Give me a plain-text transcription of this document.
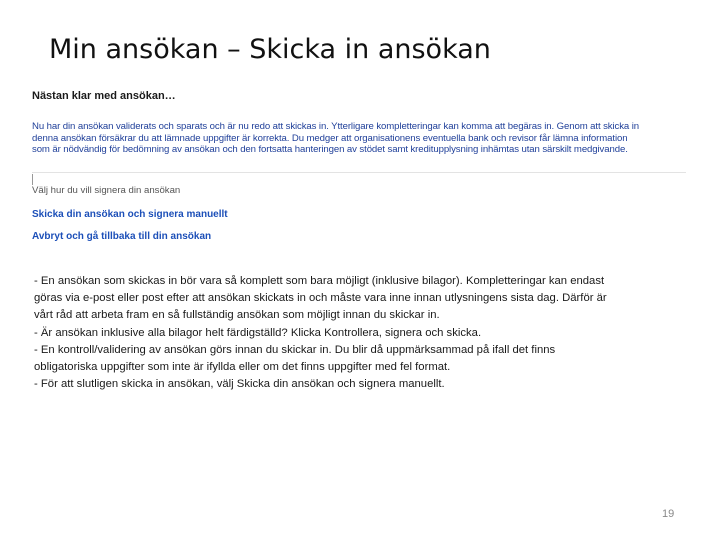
Min ansökan – Skicka in ansökan
Nästan klar med ansökan…

Nu har din ansökan validerats och sparats och är nu redo att skickas in. Ytterligare kompletteringar kan komma att begäras in. Genom att skicka in
denna ansökan försäkrar du att lämnade uppgifter är korrekta. Du medger att organisationens eventuella bank och revisor får lämna information
som är nödvändig för bedömning av ansökan och den fortsatta hanteringen av stödet samt kreditupplysning inhämtas utan särskilt medgivande.

Välj hur du vill signera din ansökan
Skicka din ansökan och signera manuellt
Avbryt och gå tillbaka till din ansökan
- En ansökan som skickas in bör vara så komplett som bara möjligt (inklusive bilagor). Kompletteringar kan endast
göras via e-post eller post efter att ansökan skickats in och måste vara inne innan utlysningens sista dag. Därför är
vårt råd att arbeta fram en så fullständig ansökan som möjligt innan du skickar in.
- Är ansökan inklusive alla bilagor helt färdigställd? Klicka Kontrollera, signera och skicka.
- En kontroll/validering av ansökan görs innan du skickar in. Du blir då uppmärksammad på ifall det finns
obligatoriska uppgifter som inte är ifyllda eller om det finns uppgifter med fel format.
- För att slutligen skicka in ansökan, välj Skicka din ansökan och signera manuellt.
19
